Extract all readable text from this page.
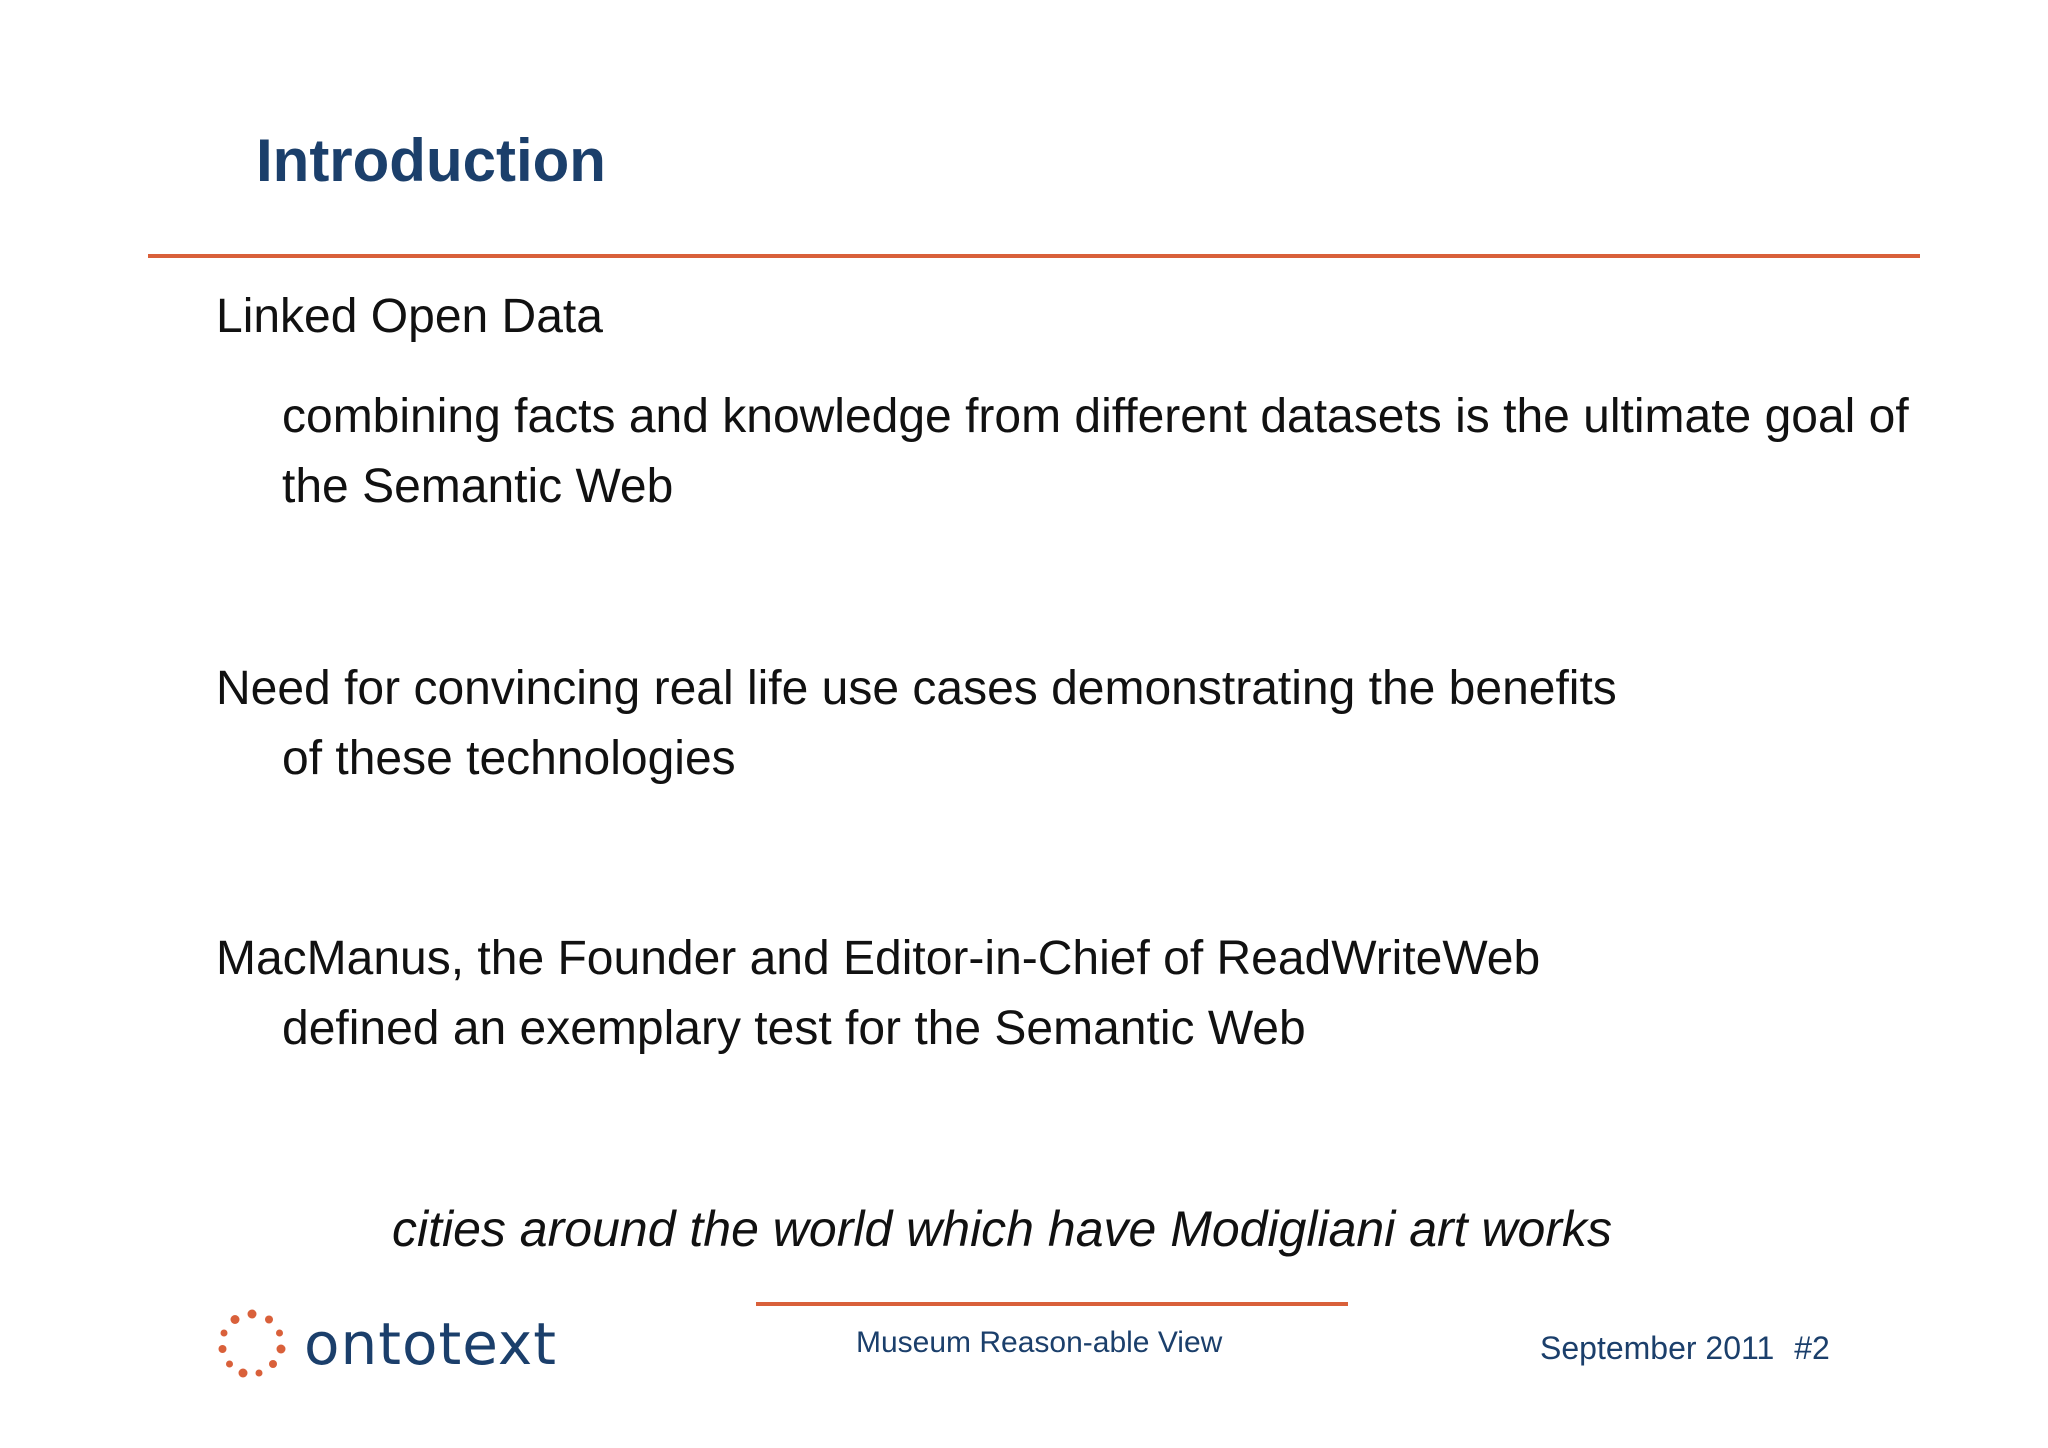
Introduction

Linked Open Data

combining facts and knowledge from different datasets is the ultimate goal of the Semantic Web

Need for convincing real life use cases demonstrating the benefits
of these technologies

MacManus, the Founder and Editor-in-Chief of ReadWriteWeb
defined an exemplary test for the Semantic Web

cities around the world which have Modigliani art works

ontotext	Museum Reason-able View	September 2011 #2
